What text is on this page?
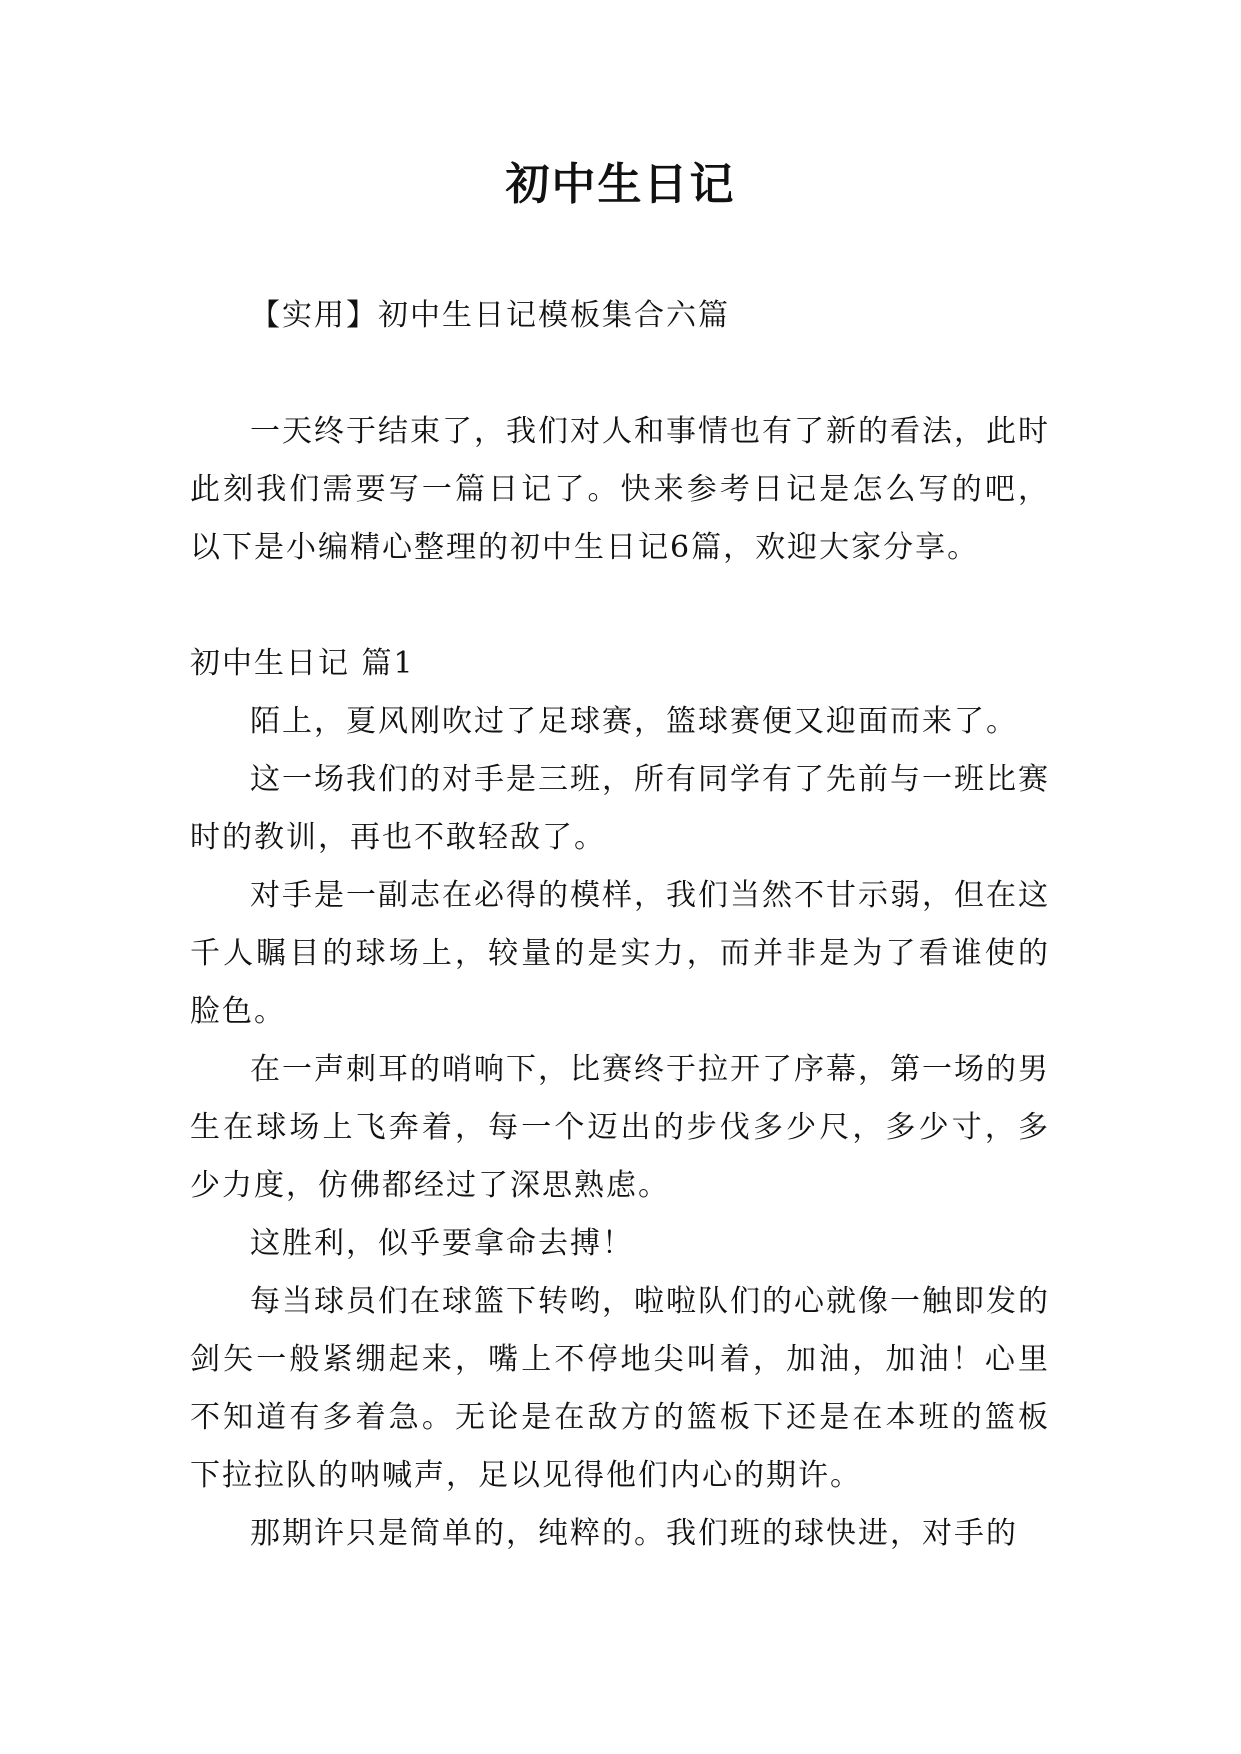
初中生日记

【实用】初中生日记模板集合六篇

一天终于结束了，我们对人和事情也有了新的看法，此时此刻我们需要写一篇日记了。快来参考日记是怎么写的吧，以下是小编精心整理的初中生日记6篇，欢迎大家分享。

初中生日记 篇1

陌上，夏风刚吹过了足球赛，篮球赛便又迎面而来了。

这一场我们的对手是三班，所有同学有了先前与一班比赛时的教训，再也不敢轻敌了。

对手是一副志在必得的模样，我们当然不甘示弱，但在这千人瞩目的球场上，较量的是实力，而并非是为了看谁使的脸色。

在一声刺耳的哨响下，比赛终于拉开了序幕，第一场的男生在球场上飞奔着，每一个迈出的步伐多少尺，多少寸，多少力度，仿佛都经过了深思熟虑。

这胜利，似乎要拿命去搏！

每当球员们在球篮下转哟，啦啦队们的心就像一触即发的剑矢一般紧绷起来，嘴上不停地尖叫着，加油，加油！心里不知道有多着急。无论是在敌方的篮板下还是在本班的篮板下拉拉队的呐喊声，足以见得他们内心的期许。

那期许只是简单的，纯粹的。我们班的球快进，对手的
